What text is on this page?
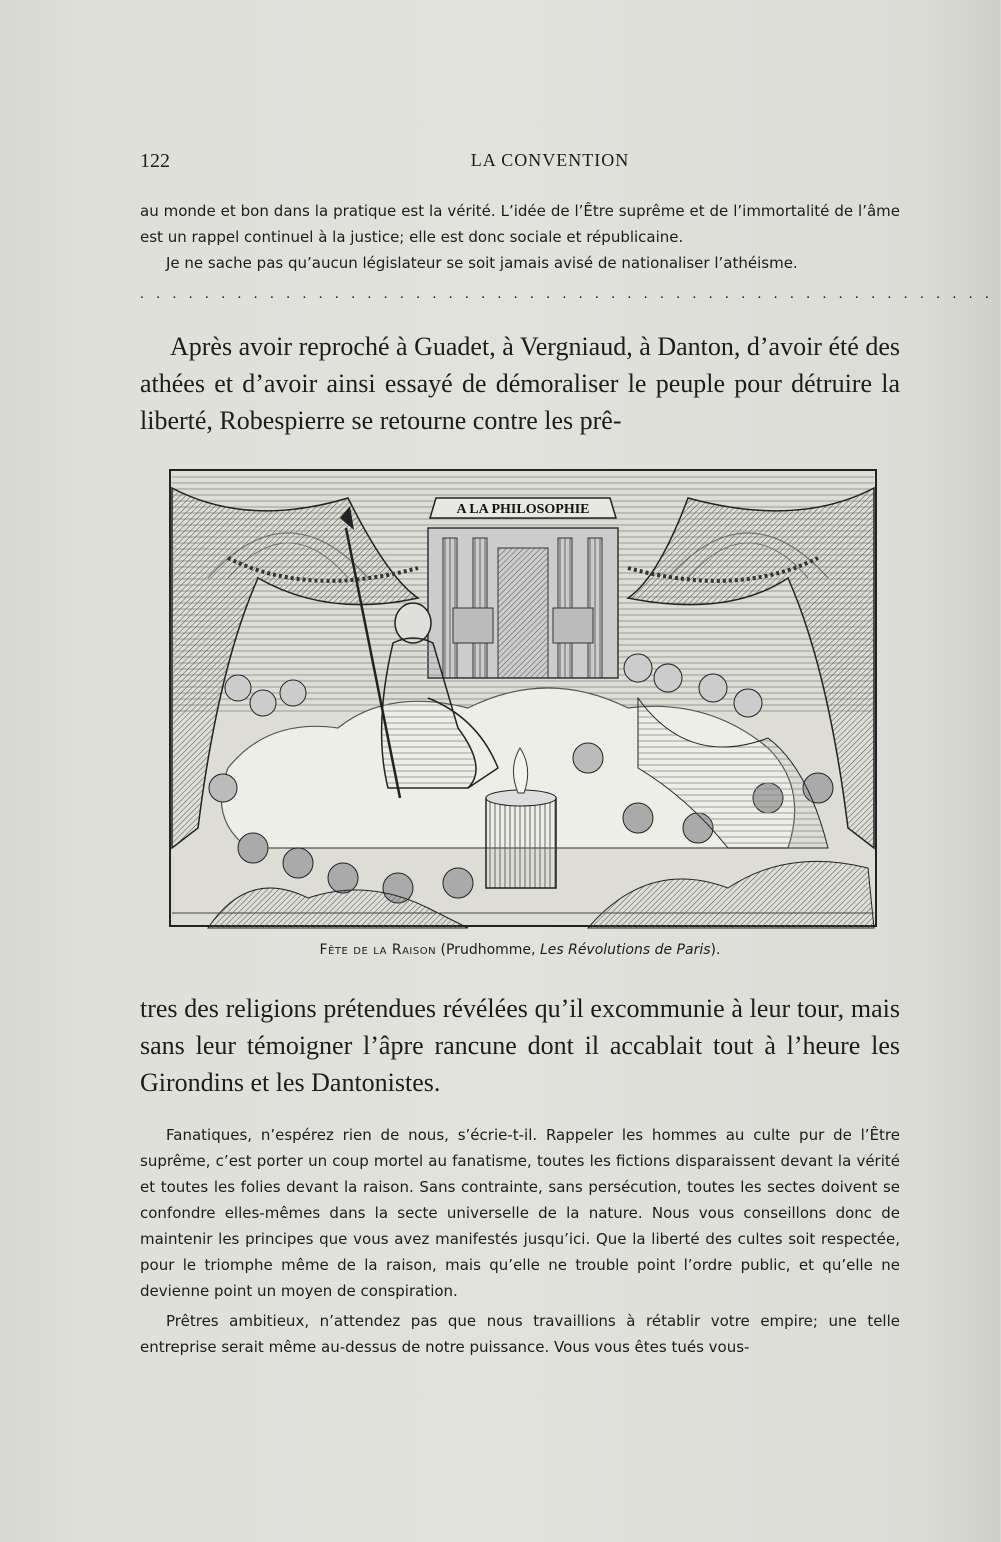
122	LA CONVENTION

au monde et bon dans la pratique est la vérité. L’idée de l’Être suprême et de l’immortalité de l’âme est un rappel continuel à la justice; elle est donc sociale et républicaine.

Je ne sache pas qu’aucun législateur se soit jamais avisé de nationaliser l’athéisme.

.....................................................

Après avoir reproché à Guadet, à Vergniaud, à Danton, d’avoir été des athées et d’avoir ainsi essayé de démoraliser le peuple pour détruire la liberté, Robespierre se retourne contre les prê-

A LA PHILOSOPHIE
Fête de la Raison (Prudhomme, Les Révolutions de Paris).

tres des religions prétendues révélées qu’il excommunie à leur tour, mais sans leur témoigner l’âpre rancune dont il accablait tout à l’heure les Girondins et les Dantonistes.

Fanatiques, n’espérez rien de nous, s’écrie-t-il. Rappeler les hommes au culte pur de l’Être suprême, c’est porter un coup mortel au fanatisme, toutes les fictions disparaissent devant la vérité et toutes les folies devant la raison. Sans contrainte, sans persécution, toutes les sectes doivent se confondre elles-mêmes dans la secte universelle de la nature. Nous vous conseillons donc de maintenir les principes que vous avez manifestés jusqu’ici. Que la liberté des cultes soit respectée, pour le triomphe même de la raison, mais qu’elle ne trouble point l’ordre public, et qu’elle ne devienne point un moyen de conspiration.

Prêtres ambitieux, n’attendez pas que nous travaillions à rétablir votre empire; une telle entreprise serait même au-dessus de notre puissance. Vous vous êtes tués vous-
